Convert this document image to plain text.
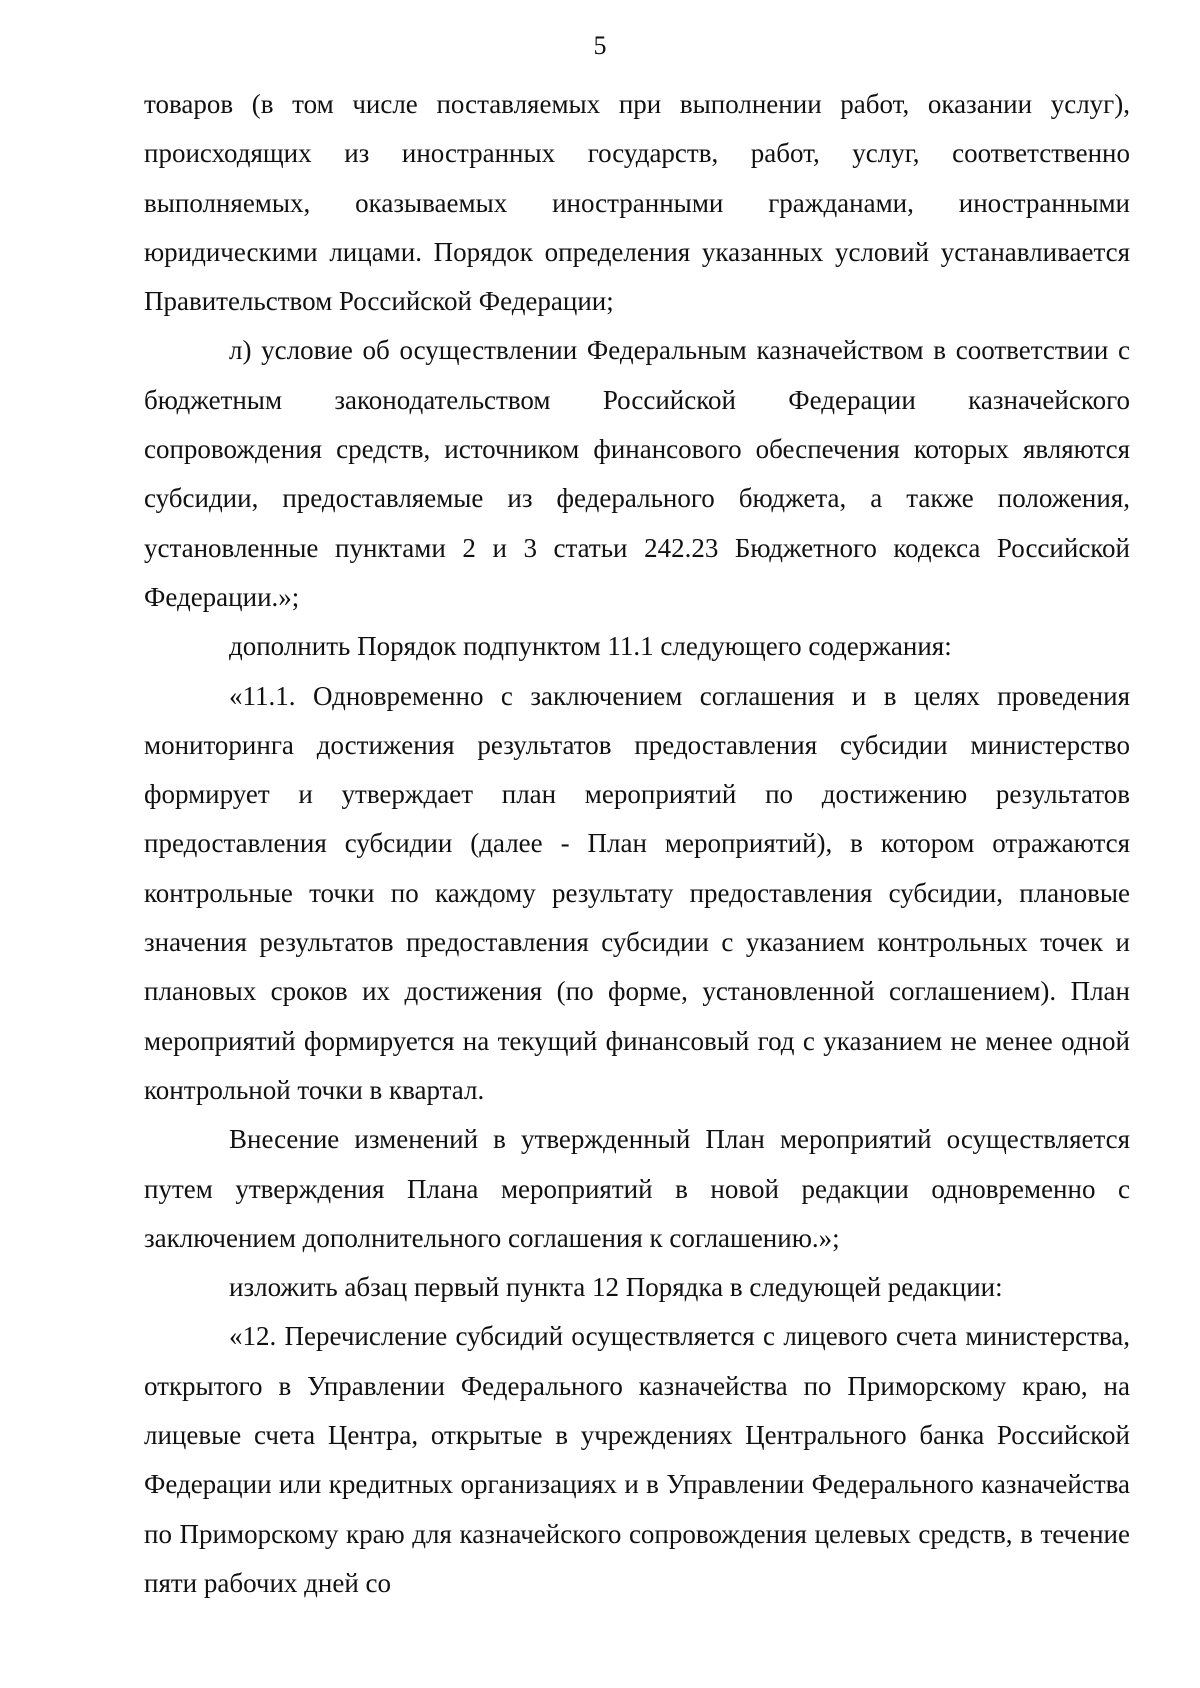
5

товаров (в том числе поставляемых при выполнении работ, оказании услуг), происходящих из иностранных государств, работ, услуг, соответственно выполняемых, оказываемых иностранными гражданами, иностранными юридическими лицами. Порядок определения указанных условий устанавливается Правительством Российской Федерации;

л) условие об осуществлении Федеральным казначейством в соответствии с бюджетным законодательством Российской Федерации казначейского сопровождения средств, источником финансового обеспечения которых являются субсидии, предоставляемые из федерального бюджета, а также положения, установленные пунктами 2 и 3 статьи 242.23 Бюджетного кодекса Российской Федерации.»;

дополнить Порядок подпунктом 11.1 следующего содержания:

«11.1. Одновременно с заключением соглашения и в целях проведения мониторинга достижения результатов предоставления субсидии министерство формирует и утверждает план мероприятий по достижению результатов предоставления субсидии (далее - План мероприятий), в котором отражаются контрольные точки по каждому результату предоставления субсидии, плановые значения результатов предоставления субсидии с указанием контрольных точек и плановых сроков их достижения (по форме, установленной соглашением). План мероприятий формируется на текущий финансовый год с указанием не менее одной контрольной точки в квартал.

Внесение изменений в утвержденный План мероприятий осуществляется путем утверждения Плана мероприятий в новой редакции одновременно с заключением дополнительного соглашения к соглашению.»;

изложить абзац первый пункта 12 Порядка в следующей редакции:

«12. Перечисление субсидий осуществляется с лицевого счета министерства, открытого в Управлении Федерального казначейства по Приморскому краю, на лицевые счета Центра, открытые в учреждениях Центрального банка Российской Федерации или кредитных организациях и в Управлении Федерального казначейства по Приморскому краю для казначейского сопровождения целевых средств, в течение пяти рабочих дней со
